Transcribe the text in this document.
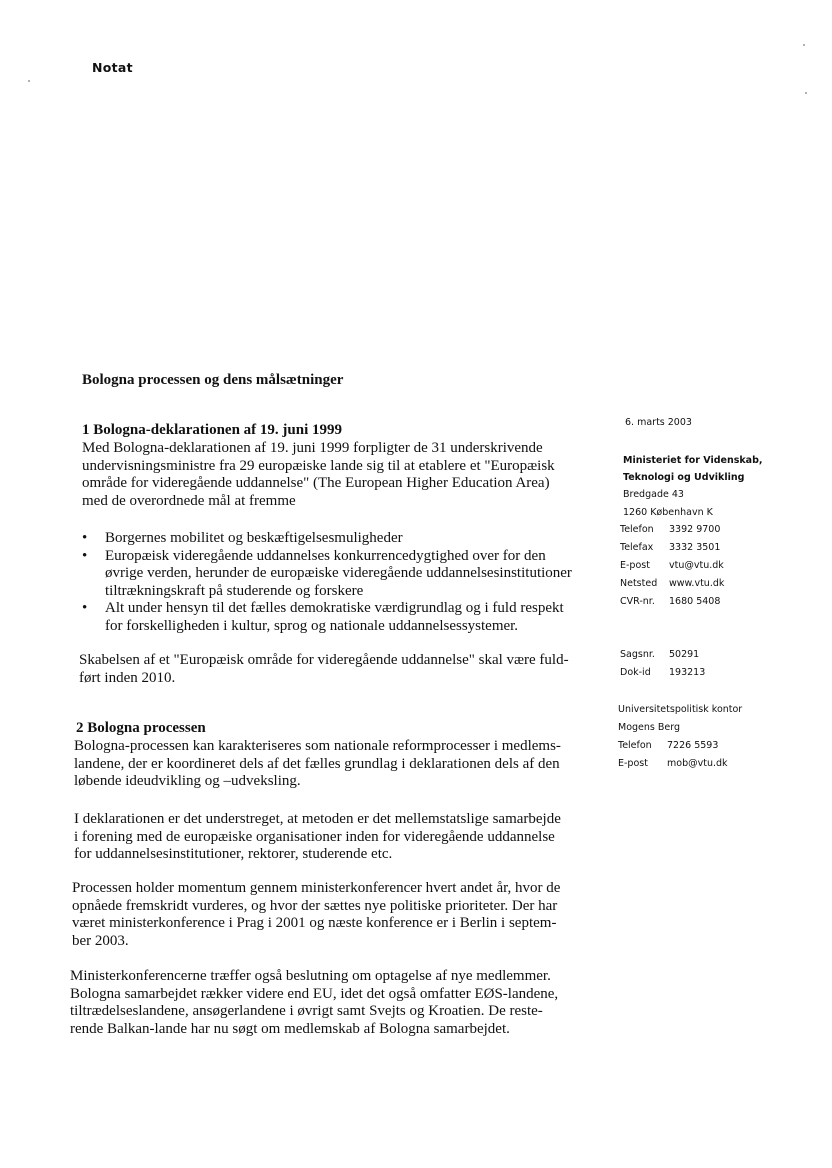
Notat
Bologna processen og dens målsætninger
1 Bologna-deklarationen af 19. juni 1999
Med Bologna-deklarationen af 19. juni 1999 forpligter de 31 underskrivende
undervisningsministre fra 29 europæiske lande sig til at etablere et "Europæisk
område for videregående uddannelse" (The European Higher Education Area)
med de overordnede mål at fremme
• Borgernes mobilitet og beskæftigelsesmuligheder
• Europæisk videregående uddannelses konkurrencedygtighed over for den
øvrige verden, herunder de europæiske videregående uddannelsesinstitutioner
tiltrækningskraft på studerende og forskere
• Alt under hensyn til det fælles demokratiske værdigrundlag og i fuld respekt
for forskelligheden i kultur, sprog og nationale uddannelsessystemer.
Skabelsen af et "Europæisk område for videregående uddannelse" skal være fuld-
ført inden 2010.
2 Bologna processen
Bologna-processen kan karakteriseres som nationale reformprocesser i medlems-
landene, der er koordineret dels af det fælles grundlag i deklarationen dels af den
løbende ideudvikling og –udveksling.
I deklarationen er det understreget, at metoden er det mellemstatslige samarbejde
i forening med de europæiske organisationer inden for videregående uddannelse
for uddannelsesinstitutioner, rektorer, studerende etc.
Processen holder momentum gennem ministerkonferencer hvert andet år, hvor de
opnåede fremskridt vurderes, og hvor der sættes nye politiske prioriteter. Der har
været ministerkonference i Prag i 2001 og næste konference er i Berlin i septem-
ber 2003.
Ministerkonferencerne træffer også beslutning om optagelse af nye medlemmer.
Bologna samarbejdet rækker videre end EU, idet det også omfatter EØS-landene,
tiltrædelseslandene, ansøgerlandene i øvrigt samt Svejts og Kroatien. De reste-
rende Balkan-lande har nu søgt om medlemskab af Bologna samarbejdet.
6. marts 2003
Ministeriet for Videnskab,
Teknologi og Udvikling
Bredgade 43
1260 København K
Telefon 3392 9700
Telefax 3332 3501
E-post vtu@vtu.dk
Netsted www.vtu.dk
CVR-nr. 1680 5408
Sagsnr. 50291
Dok-id 193213
Universitetspolitisk kontor
Mogens Berg
Telefon 7226 5593
E-post mob@vtu.dk
